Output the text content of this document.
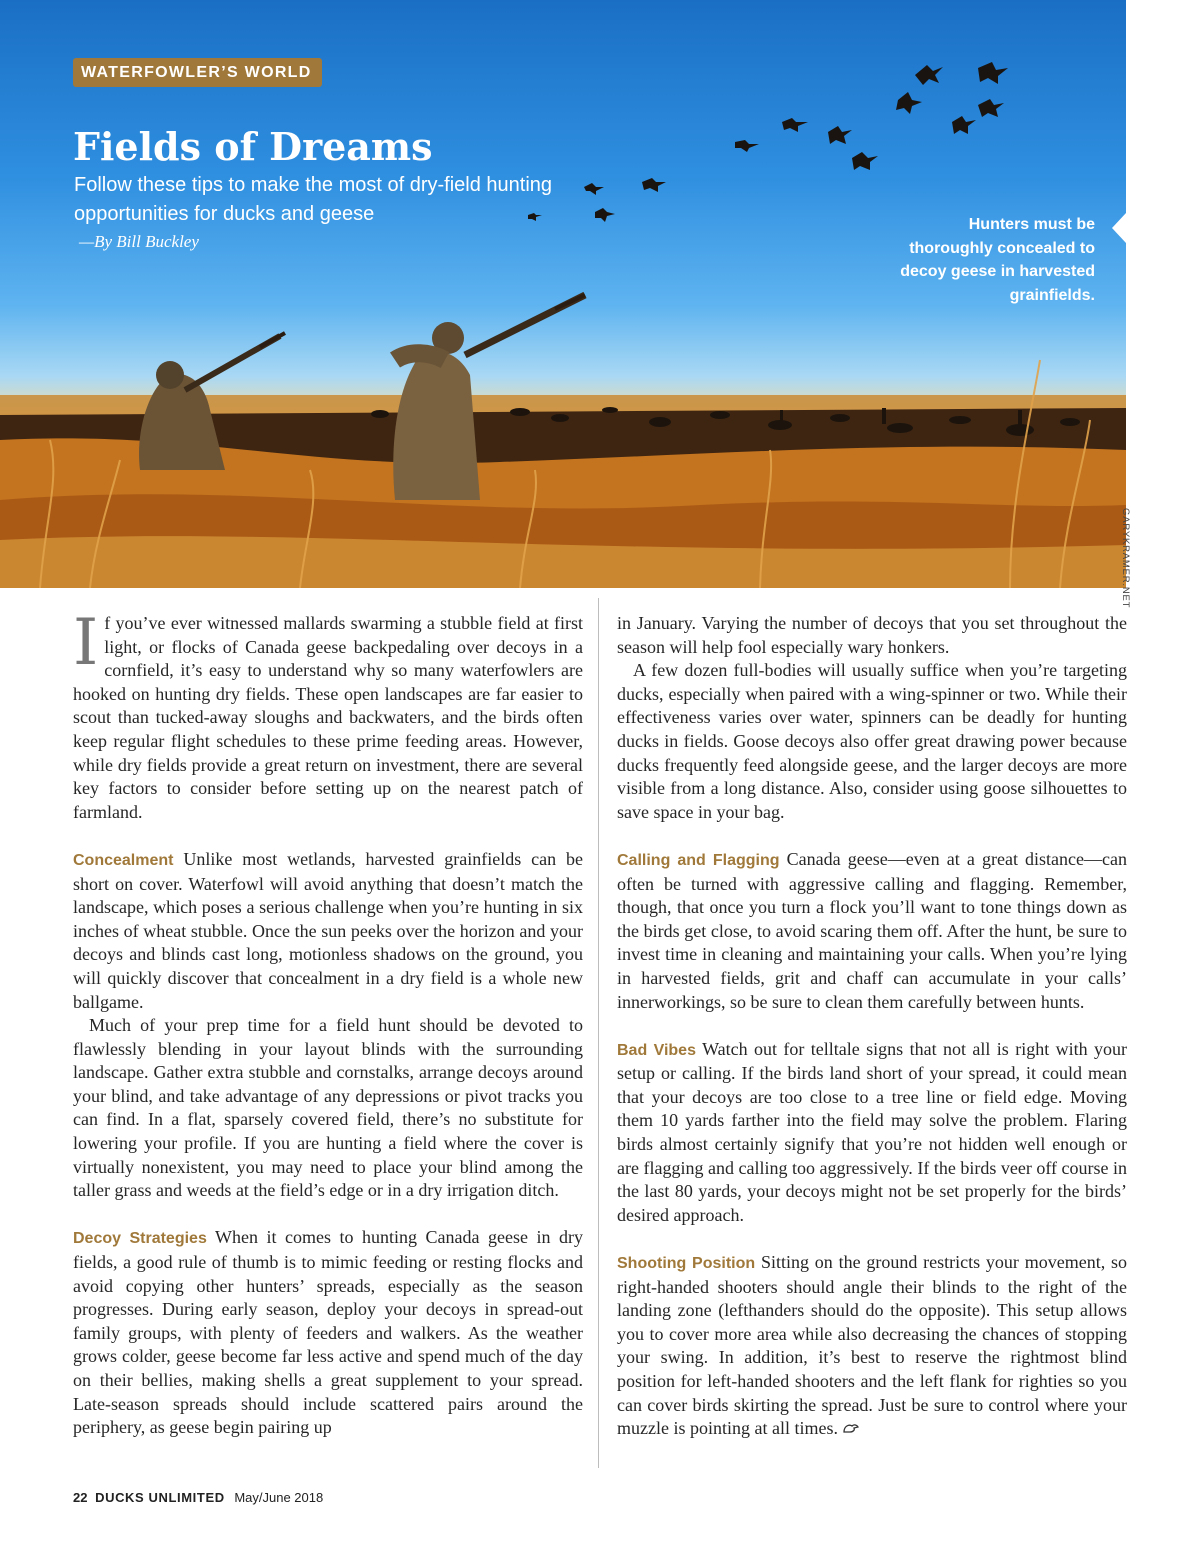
WATERFOWLER’S WORLD
Fields of Dreams
Follow these tips to make the most of dry-field hunting opportunities for ducks and geese
—By Bill Buckley
Hunters must be thoroughly concealed to decoy geese in harvested grainfields.
GARYKRAMER.NET

If you’ve ever witnessed mallards swarming a stubble field at first light, or flocks of Canada geese backpedaling over decoys in a cornfield, it’s easy to understand why so many waterfowlers are hooked on hunting dry fields. These open landscapes are far easier to scout than tucked-away sloughs and backwaters, and the birds often keep regular flight schedules to these prime feeding areas. However, while dry fields provide a great return on investment, there are several key factors to consider before setting up on the nearest patch of farmland.

Concealment Unlike most wetlands, harvested grainfields can be short on cover. Waterfowl will avoid anything that doesn’t match the landscape, which poses a serious challenge when you’re hunting in six inches of wheat stubble. Once the sun peeks over the horizon and your decoys and blinds cast long, motionless shadows on the ground, you will quickly discover that concealment in a dry field is a whole new ballgame.

Much of your prep time for a field hunt should be devoted to flawlessly blending in your layout blinds with the surrounding landscape. Gather extra stubble and cornstalks, arrange decoys around your blind, and take advantage of any depressions or pivot tracks you can find. In a flat, sparsely covered field, there’s no substitute for lowering your profile. If you are hunting a field where the cover is virtually nonexistent, you may need to place your blind among the taller grass and weeds at the field’s edge or in a dry irrigation ditch.

Decoy Strategies When it comes to hunting Canada geese in dry fields, a good rule of thumb is to mimic feeding or resting flocks and avoid copying other hunters’ spreads, especially as the season progresses. During early season, deploy your decoys in spread-out family groups, with plenty of feeders and walkers. As the weather grows colder, geese become far less active and spend much of the day on their bellies, making shells a great supplement to your spread. Late-season spreads should include scattered pairs around the periphery, as geese begin pairing up

in January. Varying the number of decoys that you set throughout the season will help fool especially wary honkers.

A few dozen full-bodies will usually suffice when you’re targeting ducks, especially when paired with a wing-spinner or two. While their effectiveness varies over water, spinners can be deadly for hunting ducks in fields. Goose decoys also offer great drawing power because ducks frequently feed alongside geese, and the larger decoys are more visible from a long distance. Also, consider using goose silhouettes to save space in your bag.

Calling and Flagging Canada geese—even at a great distance—can often be turned with aggressive calling and flagging. Remember, though, that once you turn a flock you’ll want to tone things down as the birds get close, to avoid scaring them off. After the hunt, be sure to invest time in cleaning and maintaining your calls. When you’re lying in harvested fields, grit and chaff can accumulate in your calls’ innerworkings, so be sure to clean them carefully between hunts.

Bad Vibes Watch out for telltale signs that not all is right with your setup or calling. If the birds land short of your spread, it could mean that your decoys are too close to a tree line or field edge. Moving them 10 yards farther into the field may solve the problem. Flaring birds almost certainly signify that you’re not hidden well enough or are flagging and calling too aggressively. If the birds veer off course in the last 80 yards, your decoys might not be set properly for the birds’ desired approach.

Shooting Position Sitting on the ground restricts your movement, so right-handed shooters should angle their blinds to the right of the landing zone (lefthanders should do the opposite). This setup allows you to cover more area while also decreasing the chances of stopping your swing. In addition, it’s best to reserve the rightmost blind position for left-handed shooters and the left flank for righties so you can cover birds skirting the spread. Just be sure to control where your muzzle is pointing at all times.

22 DUCKS UNLIMITED May/June 2018
